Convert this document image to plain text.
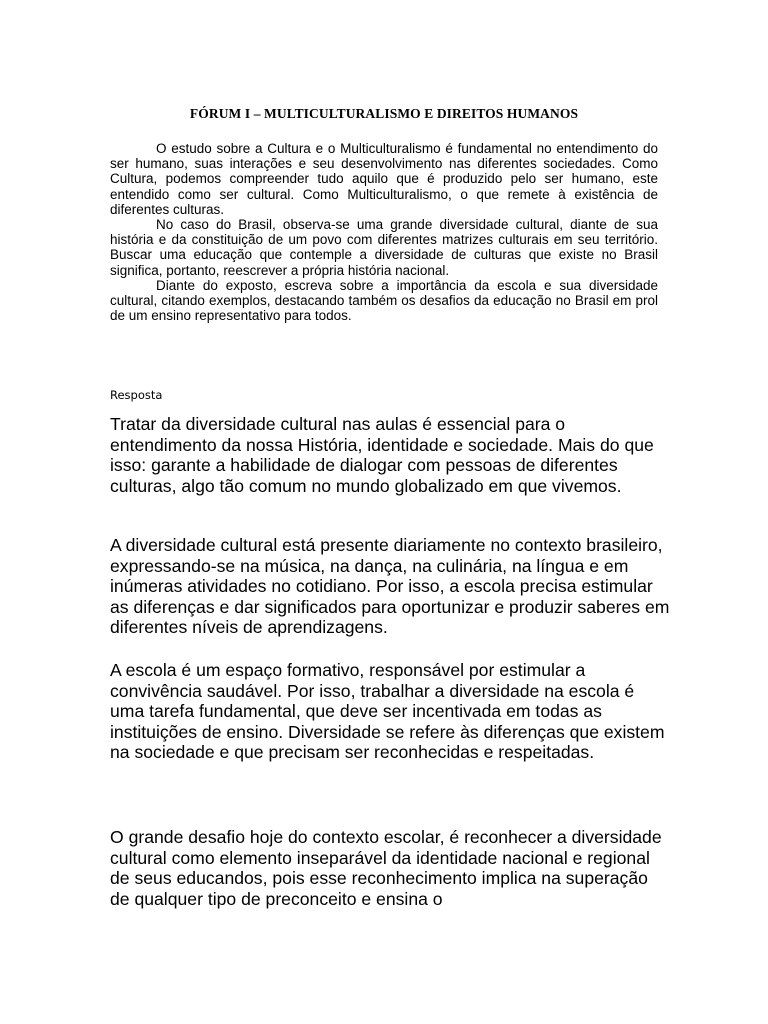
FÓRUM I – MULTICULTURALISMO E DIREITOS HUMANOS

O estudo sobre a Cultura e o Multiculturalismo é fundamental no entendimento do ser humano, suas interações e seu desenvolvimento nas diferentes sociedades. Como Cultura, podemos compreender tudo aquilo que é produzido pelo ser humano, este entendido como ser cultural. Como Multiculturalismo, o que remete à existência de diferentes culturas.

No caso do Brasil, observa-se uma grande diversidade cultural, diante de sua história e da constituição de um povo com diferentes matrizes culturais em seu território. Buscar uma educação que contemple a diversidade de culturas que existe no Brasil significa, portanto, reescrever a própria história nacional.

Diante do exposto, escreva sobre a importância da escola e sua diversidade cultural, citando exemplos, destacando também os desafios da educação no Brasil em prol de um ensino representativo para todos.

Resposta

Tratar da diversidade cultural nas aulas é essencial para o entendimento da nossa História, identidade e sociedade. Mais do que isso: garante a habilidade de dialogar com pessoas de diferentes culturas, algo tão comum no mundo globalizado em que vivemos.

A diversidade cultural está presente diariamente no contexto brasileiro, expressando-se na música, na dança, na culinária, na língua e em inúmeras atividades no cotidiano. Por isso, a escola precisa estimular as diferenças e dar significados para oportunizar e produzir saberes em diferentes níveis de aprendizagens.

A escola é um espaço formativo, responsável por estimular a convivência saudável. Por isso, trabalhar a diversidade na escola é uma tarefa fundamental, que deve ser incentivada em todas as instituições de ensino. Diversidade se refere às diferenças que existem na sociedade e que precisam ser reconhecidas e respeitadas.

O grande desafio hoje do contexto escolar, é reconhecer a diversidade cultural como elemento inseparável da identidade nacional e regional de seus educandos, pois esse reconhecimento implica na superação de qualquer tipo de preconceito e ensina o
